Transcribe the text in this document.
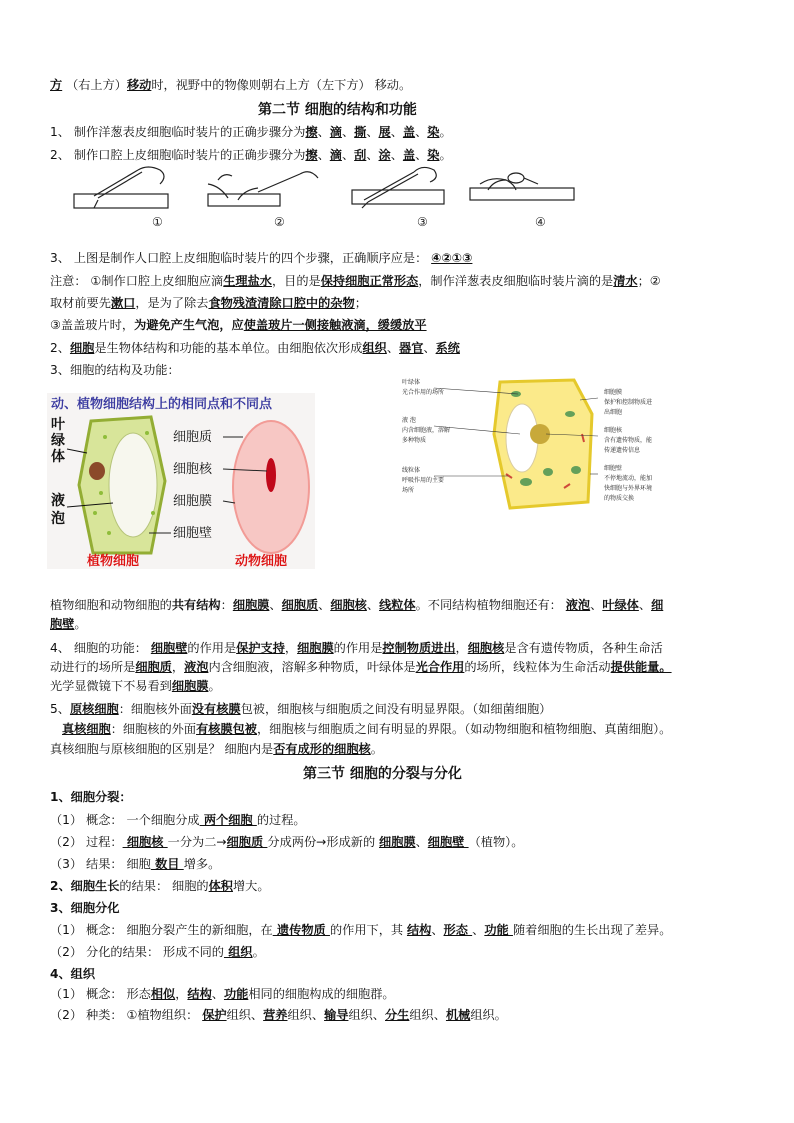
方 （右上方）移动时，视野中的物像则朝右上方（左下方） 移动。
第二节 细胞的结构和功能
1、 制作洋葱表皮细胞临时装片的正确步骤分为擦、滴、撕、展、盖、染。
2、 制作口腔上皮细胞临时装片的正确步骤分为擦、滴、刮、涂、盖、染。
①	②	③	④
3、 上图是制作人口腔上皮细胞临时装片的四个步骤，正确顺序应是： ④②①③
注意： ①制作口腔上皮细胞应滴生理盐水，目的是保持细胞正常形态，制作洋葱表皮细胞临时装片滴的是清水；②
取材前要先漱口，是为了除去食物残渣清除口腔中的杂物；
③盖盖玻片时，为避免产生气泡，应使盖玻片一侧接触液滴，缓缓放平
2、细胞是生物体结构和功能的基本单位。由细胞依次形成组织、器官、系统
3、细胞的结构及功能：
动、植物细胞结构上的相同点和不同点
叶绿体
液泡
细胞质
细胞核
细胞膜
细胞壁
植物细胞	动物细胞
叶绿体
光合作用的场所
液 泡
内含细胞液，溶解
多种物质
线粒体
呼吸作用的主要
场所
细胞膜
保护和控制物质进
出细胞
细胞核
含有遗传物质，能
传递遗传信息
细胞壁
不停地流动，能加
快细胞与外界环境
的物质交换
植物细胞和动物细胞的共有结构：细胞膜、细胞质、细胞核、线粒体。不同结构植物细胞还有： 液泡、叶绿体、细
胞壁。
4、 细胞的功能： 细胞壁的作用是保护支持，细胞膜的作用是控制物质进出，细胞核是含有遗传物质，各种生命活
动进行的场所是细胞质，液泡内含细胞液，溶解多种物质，叶绿体是光合作用的场所，线粒体为生命活动提供能量。
光学显微镜下不易看到细胞膜。
5、原核细胞：细胞核外面没有核膜包被，细胞核与细胞质之间没有明显界限。（如细菌细胞）
真核细胞：细胞核的外面有核膜包被，细胞核与细胞质之间有明显的界限。（如动物细胞和植物细胞、真菌细胞）。
真核细胞与原核细胞的区别是？ 细胞内是否有成形的细胞核。
第三节 细胞的分裂与分化
1、细胞分裂：
（1） 概念： 一个细胞分成 两个细胞 的过程。
（2） 过程： 细胞核 一分为二→细胞质 分成两份→形成新的 细胞膜、细胞壁 （植物）。
（3） 结果： 细胞 数目 增多。
2、细胞生长的结果： 细胞的体积增大。
3、细胞分化
（1） 概念： 细胞分裂产生的新细胞，在 遗传物质 的作用下，其 结构、形态 、功能 随着细胞的生长出现了差异。
（2） 分化的结果： 形成不同的 组织。
4、组织
（1） 概念： 形态相似，结构、功能相同的细胞构成的细胞群。
（2） 种类： ①植物组织： 保护组织、营养组织、输导组织、分生组织、机械组织。
